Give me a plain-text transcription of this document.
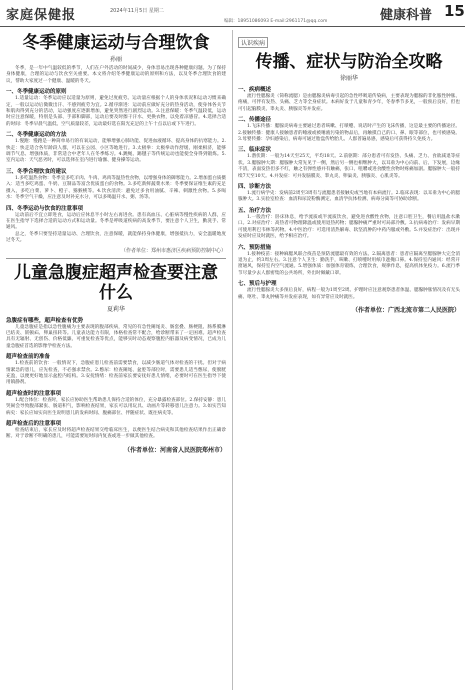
家庭保健报	2024年11月5日 星期二
编辑：18951086093 E-mail:2961171@qq.com	健康科普 15
冬季健康运动与合理饮食
孙丽

冬季，是一年中气温较低的季节，人们在户外活动的时间减少，身体容易出现各种健康问题。为了保持身体健康，合理的运动与饮食至关重要。本文将介绍冬季健康运动的原则和方法，以及冬季合理饮食的建议，帮助大家度过一个健康、温暖的冬天。

一、冬季健康运动的原则

1.适量运动：冬季运动应以适量为原则，避免过度疲劳。运动量应根据个人的身体状况和运动习惯来确定，一般以运动后微微出汗、不感到疲劳为宜。2.循序渐进：运动前应做好充分的热身活动，使身体各关节和肌肉得到充分的活动，运动强度应逐渐增加，避免突然进行剧烈运动。3.注意保暖：冬季气温较低，运动时应注意保暖，特别是头部、手部和脚部，运动后要及时擦干汗水、更换衣物，以免着凉感冒。4.选择合适的时间：冬季早晨气温低、空气质量较差，运动最好选在阳光充足的上午十点以后或下午进行。

二、冬季健康运动的方法

1.慢跑：慢跑是一种简单易行的有氧运动，能够增强心肺功能、促进血液循环、提高身体的抗寒能力。2.快走：快走适合各年龄段人群，可以在公园、小区等地进行。3.太极拳：太极拳动作舒缓、刚柔相济，能够调节气息、增强体质，非常适合中老年人在冬季练习。4.跳绳、踢毽子等传统运动也能使全身得到锻炼。5.室内运动：天气恶劣时，可以选择在室内进行瑜伽、健身操等运动。

三、冬季合理饮食的建议

1.多吃温热食物：冬季宜多吃羊肉、牛肉、鸡肉等温热性食物，以增强身体的御寒能力。2.增加蛋白质摄入：适当多吃鸡蛋、牛奶、豆制品等富含优质蛋白的食物。3.多吃新鲜蔬菜水果：冬季要保证维生素的充足摄入，多吃白菜、萝卜、橙子、猕猴桃等。4.饮食清淡：避免过多食用油腻、辛辣、刺激性食物。5.多喝水：冬季空气干燥，应注意及时补充水分，可以多喝温开水、粥、汤等。

四、冬季运动与饮食的注意事项

运动前后不宜立即进食，运动后应休息半小时左右再进食。患有高血压、心脏病等慢性疾病的人群，应在医生指导下选择合适的运动方式和运动量。冬季是呼吸道疾病的高发季节，要注意个人卫生，勤洗手、常通风。

总之，冬季只要坚持适量运动、合理饮食，注意保暖，就能保持身体健康，增强抵抗力，安全温暖地度过冬天。

（作者单位：郑州市惠济区疾病预防控制中心）
儿童急腹症超声检查要注意什么
夏莉华
急腹症有哪些，超声检查有优势

儿童急腹症是指以急性腹痛为主要表现的腹部疾病，常见的有急性阑尾炎、肠套叠、肠梗阻、肠系膜淋巴结炎、嵌顿疝、卵巢扭转等。儿童表达能力有限，体格检查常不配合，给诊断带来了一定困难。超声检查具有无辐射、无创伤、价格低廉、可重复检查等优点，能够实时动态观察腹腔内脏器及病变情况，已成为儿童急腹症首选的影像学检查方法。

超声检查前的准备

1.检查前的饮食：一般情况下，急腹症患儿检查前需要禁食，以减少肠道气体对检查的干扰。但对于病情紧急的患儿，应先检查，不必强求禁食。2.憋尿：检查阑尾、盆腔等部位时，需要患儿适当憋尿，使膀胱充盈，以便更好地显示盆腔内结构。3.安抚情绪：检查前家长要安抚好患儿情绪，必要时可在医生指导下使用镇静剂。

超声检查时的注意事项

1.配合体位：检查时，家长应协助医生帮助患儿保持合适的体位，充分暴露检查部位。2.保持安静：患儿哭闹会导致腹部紧张、肠道积气，影响检查结果，家长可以用玩具、动画片等转移患儿注意力。3.如实告知病史：家长应如实向医生说明患儿的发病时间、腹痛部位、伴随症状、既往病史等。

超声检查后的注意事项

检查结束后，家长应及时将超声检查结果交给临床医生，以便医生结合病史和其他检查结果作出正确诊断。对于诊断不明确的患儿，可能需要短时间内复查或进一步做其他检查。

（作者单位：河南省人民医院郑州市）
认识疾病
传播、症状与防治全攻略
徐丽华
一、疾病概述

流行性腮腺炎（简称流腮）是由腮腺炎病毒引起的急性呼吸道传染病，主要表现为腮腺的非化脓性肿胀、疼痛，可伴有发热、头痛、乏力等全身症状。本病好发于儿童和青少年，冬春季节多见，一般预后良好，但也可引起脑膜炎、睾丸炎、胰腺炎等并发症。

二、传播途径

1.飞沫传播：腮腺炎病毒主要通过患者咳嗽、打喷嚏、说话时产生的飞沫传播，这是最主要的传播途径。2.接触传播：健康人接触患者的唾液或被唾液污染的物品后，再触摸自己的口、鼻、眼等部位，也可被感染。3.母婴传播：孕妇感染后，病毒可通过胎盘传给胎儿。人群普遍易感，感染后可获得持久免疫力。

三、临床症状

1.潜伏期：一般为14天至25天，平均18天。2.前驱期：部分患者可有发热、头痛、乏力、食欲减退等症状。3.腮腺肿大期：腮腺肿大常先见于一侧，然后另一侧也相继肿大，以耳垂为中心向前、后、下发展，边缘不清，表面发热但多不红，触之有弹性感并有触痛，张口、咀嚼或进食酸性食物时疼痛加剧。腮腺肿大一般持续7天至10天。4.并发症：可并发脑膜炎、睾丸炎、卵巢炎、胰腺炎、心肌炎等。

四、诊断方法

1.流行病学史：发病前2周至3周有与流腮患者接触史或当地有本病流行。2.临床表现：以耳垂为中心的腮腺肿大。3.实验室检查：血清和尿淀粉酶测定、血清学抗体检测、病毒分离等可协助诊断。

五、治疗方法

1.一般治疗：卧床休息，给予流质或半流质饮食，避免进食酸性食物，注意口腔卫生，餐后用温盐水漱口。2.对症治疗：高热者可物理降温或使用退热药物；腮腺肿痛严重时可局部冷敷。3.抗病毒治疗：发病早期可使用利巴韦林等药物。4.中医治疗：可选用清热解毒、软坚消肿的中药内服或外敷。5.并发症治疗：出现并发症时应及时就医，给予相应治疗。

六、预防措施

1.接种疫苗：接种麻腮风联合疫苗是预防流腮最有效的方法。2.隔离患者：患者应隔离至腮腺肿大完全消退为止，约3周左右。3.注意个人卫生：勤洗手，咳嗽、打喷嚏时用纸巾遮掩口鼻。4.保持室内通风：经常开窗通风，保持室内空气流通。5.增强体质：加强体育锻炼，合理饮食，规律作息，提高机体免疫力。6.流行季节尽量少去人群密集的公共场所，外出时佩戴口罩。

七、预后与护理

流行性腮腺炎大多预后良好，病程一般为1周至2周。护理时应注意观察患者体温、腮腺肿胀情况及有无头痛、呕吐、睾丸肿痛等并发症表现，如有异常应及时就医。

（作者单位：广西北流市第二人民医院）
